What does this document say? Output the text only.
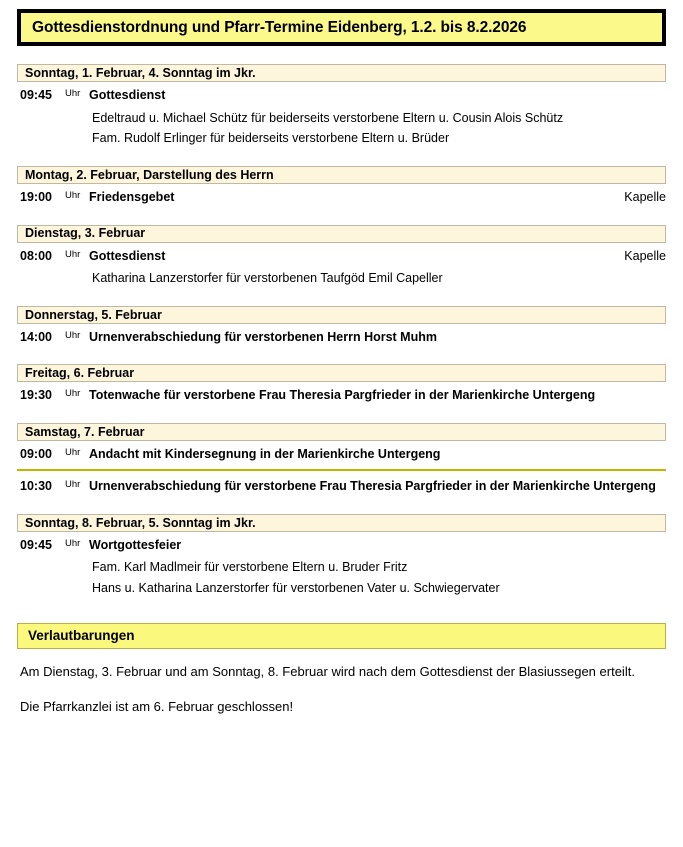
Gottesdienstordnung und Pfarr-Termine Eidenberg, 1.2. bis 8.2.2026
Sonntag, 1. Februar, 4. Sonntag im Jkr.
09:45	Uhr Gottesdienst
Edeltraud u. Michael Schütz für beiderseits verstorbene Eltern u. Cousin Alois Schütz
Fam. Rudolf Erlinger für beiderseits verstorbene Eltern u. Brüder
Montag, 2. Februar, Darstellung des Herrn
19:00	Uhr Friedensgebet	Kapelle
Dienstag, 3. Februar
08:00	Uhr Gottesdienst	Kapelle
Katharina Lanzerstorfer für verstorbenen Taufgöd Emil Capeller
Donnerstag, 5. Februar
14:00	Uhr Urnenverabschiedung für verstorbenen Herrn Horst Muhm
Freitag, 6. Februar
19:30	Uhr Totenwache für verstorbene Frau Theresia Pargfrieder in der Marienkirche Untergeng
Samstag, 7. Februar
09:00	Uhr Andacht mit Kindersegnung in der Marienkirche Untergeng
10:30	Uhr Urnenverabschiedung für verstorbene Frau Theresia Pargfrieder in der Marienkirche Untergeng
Sonntag, 8. Februar, 5. Sonntag im Jkr.
09:45	Uhr Wortgottesfeier
Fam. Karl Madlmeir für verstorbene Eltern u. Bruder Fritz
Hans u. Katharina Lanzerstorfer für verstorbenen Vater u. Schwiegervater
Verlautbarungen
Am Dienstag, 3. Februar und am Sonntag, 8. Februar wird nach dem Gottesdienst der Blasiussegen erteilt.
Die Pfarrkanzlei ist am 6. Februar geschlossen!
